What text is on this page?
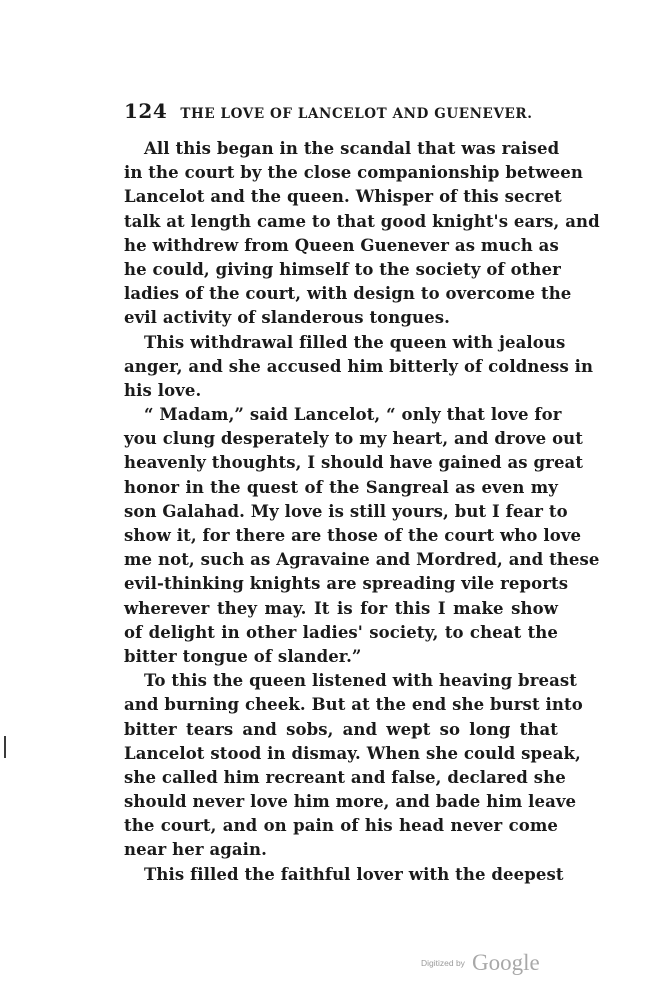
124 THE LOVE OF LANCELOT AND GUENEVER.
All this began in the scandal that was raised
in the court by the close companionship between
Lancelot and the queen. Whisper of this secret
talk at length came to that good knight's ears, and
he withdrew from Queen Guenever as much as
he could, giving himself to the society of other
ladies of the court, with design to overcome the
evil activity of slanderous tongues.
This withdrawal filled the queen with jealous
anger, and she accused him bitterly of coldness in
his love.
“ Madam,” said Lancelot, “ only that love for
you clung desperately to my heart, and drove out
heavenly thoughts, I should have gained as great
honor in the quest of the Sangreal as even my
son Galahad. My love is still yours, but I fear to
show it, for there are those of the court who love
me not, such as Agravaine and Mordred, and these
evil-thinking knights are spreading vile reports
wherever they may. It is for this I make show
of delight in other ladies' society, to cheat the
bitter tongue of slander.”
To this the queen listened with heaving breast
and burning cheek. But at the end she burst into
bitter tears and sobs, and wept so long that
Lancelot stood in dismay. When she could speak,
she called him recreant and false, declared she
should never love him more, and bade him leave
the court, and on pain of his head never come
near her again.
This filled the faithful lover with the deepest
Digitized by Google
